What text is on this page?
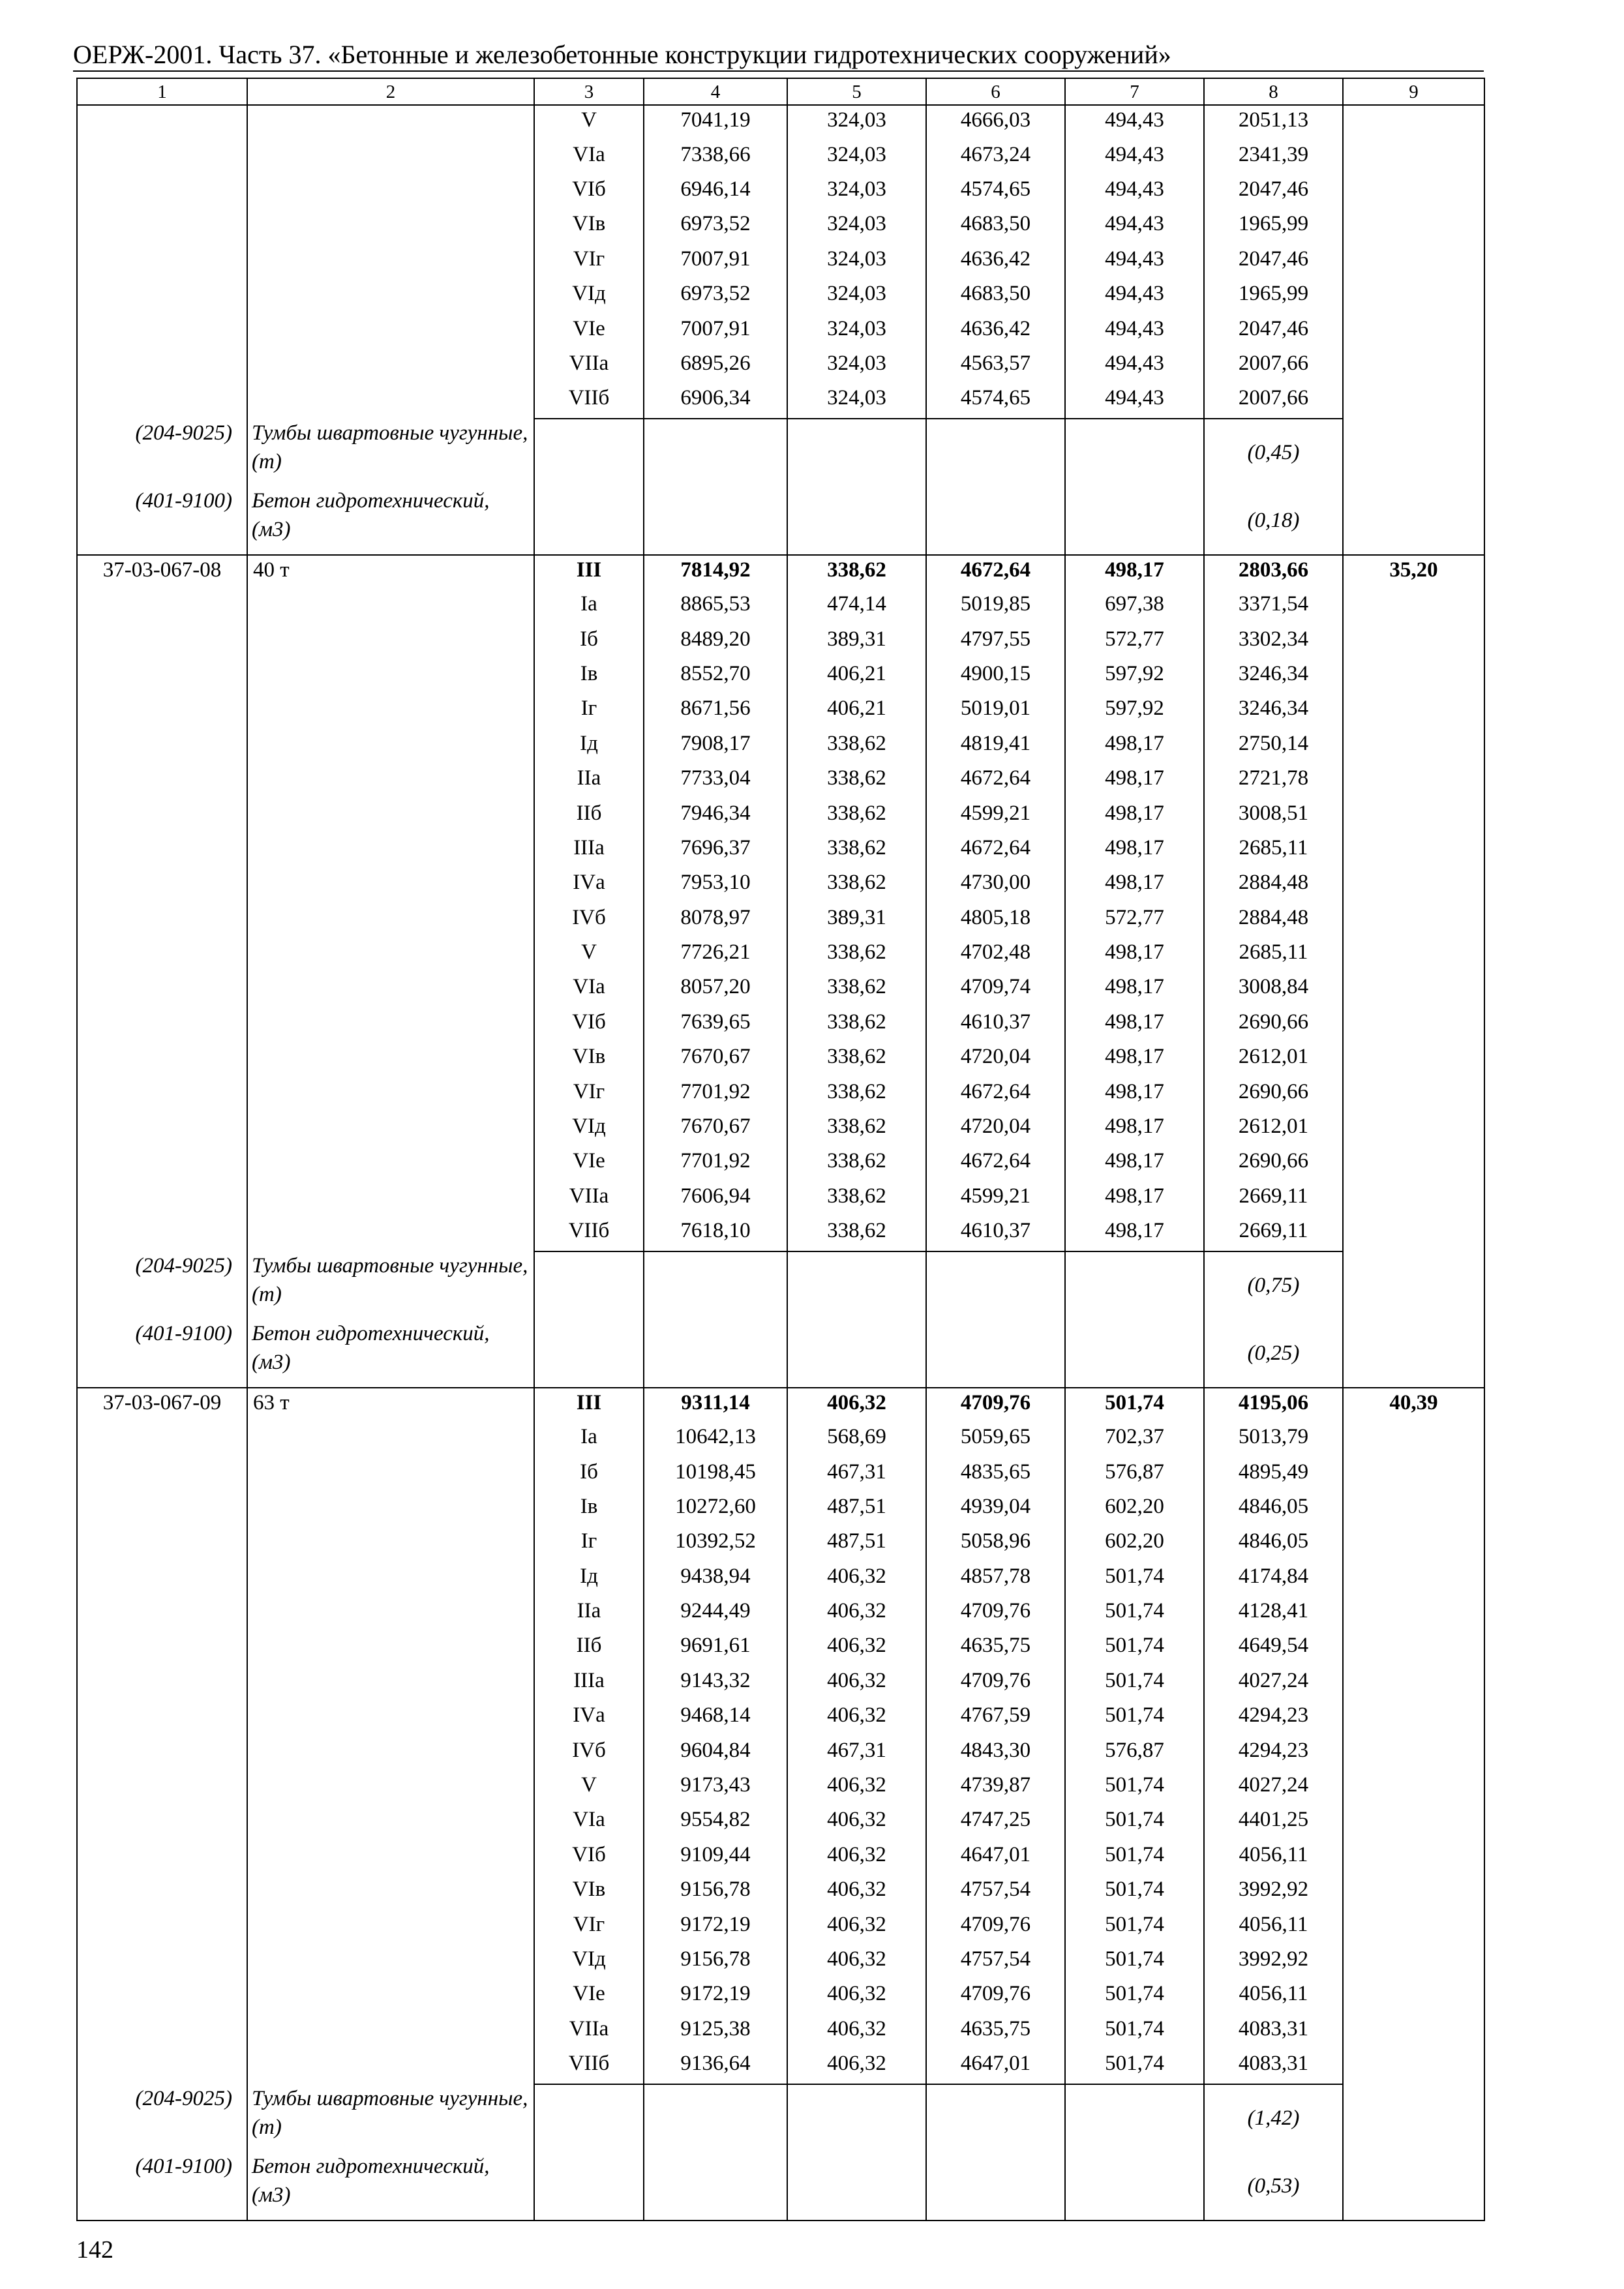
ОЕРЖ-2001. Часть 37. «Бетонные и железобетонные конструкции гидротехнических сооружений»
1	2	3	4	5	6	7	8	9
		V	7041,19	324,03	4666,03	494,43	2051,13	
		VIа	7338,66	324,03	4673,24	494,43	2341,39	
		VIб	6946,14	324,03	4574,65	494,43	2047,46	
		VIв	6973,52	324,03	4683,50	494,43	1965,99	
		VIг	7007,91	324,03	4636,42	494,43	2047,46	
		VIд	6973,52	324,03	4683,50	494,43	1965,99	
		VIе	7007,91	324,03	4636,42	494,43	2047,46	
		VIIа	6895,26	324,03	4563,57	494,43	2007,66	
		VIIб	6906,34	324,03	4574,65	494,43	2007,66	
(204-9025)	Тумбы швартовные чугунные, (т)						(0,45)	
(401-9100)	Бетон гидротехнический, (м3)						(0,18)	
37-03-067-08	40 т	III	7814,92	338,62	4672,64	498,17	2803,66	35,20
		Iа	8865,53	474,14	5019,85	697,38	3371,54	
		Iб	8489,20	389,31	4797,55	572,77	3302,34	
		Iв	8552,70	406,21	4900,15	597,92	3246,34	
		Iг	8671,56	406,21	5019,01	597,92	3246,34	
		Iд	7908,17	338,62	4819,41	498,17	2750,14	
		IIа	7733,04	338,62	4672,64	498,17	2721,78	
		IIб	7946,34	338,62	4599,21	498,17	3008,51	
		IIIа	7696,37	338,62	4672,64	498,17	2685,11	
		IVа	7953,10	338,62	4730,00	498,17	2884,48	
		IVб	8078,97	389,31	4805,18	572,77	2884,48	
		V	7726,21	338,62	4702,48	498,17	2685,11	
		VIа	8057,20	338,62	4709,74	498,17	3008,84	
		VIб	7639,65	338,62	4610,37	498,17	2690,66	
		VIв	7670,67	338,62	4720,04	498,17	2612,01	
		VIг	7701,92	338,62	4672,64	498,17	2690,66	
		VIд	7670,67	338,62	4720,04	498,17	2612,01	
		VIе	7701,92	338,62	4672,64	498,17	2690,66	
		VIIа	7606,94	338,62	4599,21	498,17	2669,11	
		VIIб	7618,10	338,62	4610,37	498,17	2669,11	
(204-9025)	Тумбы швартовные чугунные, (т)						(0,75)	
(401-9100)	Бетон гидротехнический, (м3)						(0,25)	
37-03-067-09	63 т	III	9311,14	406,32	4709,76	501,74	4195,06	40,39
		Iа	10642,13	568,69	5059,65	702,37	5013,79	
		Iб	10198,45	467,31	4835,65	576,87	4895,49	
		Iв	10272,60	487,51	4939,04	602,20	4846,05	
		Iг	10392,52	487,51	5058,96	602,20	4846,05	
		Iд	9438,94	406,32	4857,78	501,74	4174,84	
		IIа	9244,49	406,32	4709,76	501,74	4128,41	
		IIб	9691,61	406,32	4635,75	501,74	4649,54	
		IIIа	9143,32	406,32	4709,76	501,74	4027,24	
		IVа	9468,14	406,32	4767,59	501,74	4294,23	
		IVб	9604,84	467,31	4843,30	576,87	4294,23	
		V	9173,43	406,32	4739,87	501,74	4027,24	
		VIа	9554,82	406,32	4747,25	501,74	4401,25	
		VIб	9109,44	406,32	4647,01	501,74	4056,11	
		VIв	9156,78	406,32	4757,54	501,74	3992,92	
		VIг	9172,19	406,32	4709,76	501,74	4056,11	
		VIд	9156,78	406,32	4757,54	501,74	3992,92	
		VIе	9172,19	406,32	4709,76	501,74	4056,11	
		VIIа	9125,38	406,32	4635,75	501,74	4083,31	
		VIIб	9136,64	406,32	4647,01	501,74	4083,31	
(204-9025)	Тумбы швартовные чугунные, (т)						(1,42)	
(401-9100)	Бетон гидротехнический, (м3)						(0,53)	
142
